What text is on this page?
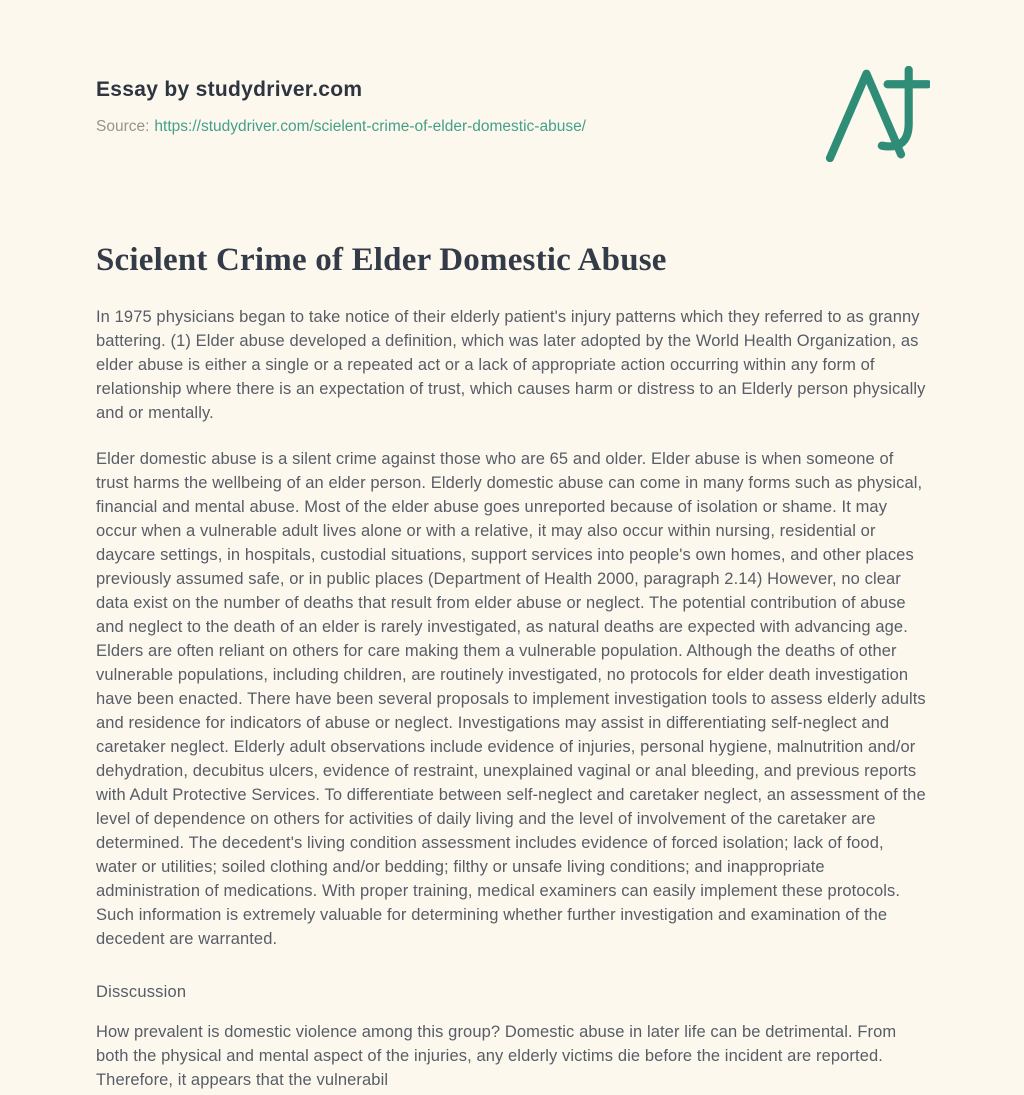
Essay by studydriver.com
Source: https://studydriver.com/scielent-crime-of-elder-domestic-abuse/
Scielent Crime of Elder Domestic Abuse

In 1975 physicians began to take notice of their elderly patient's injury patterns which they referred to as granny battering. (1) Elder abuse developed a definition, which was later adopted by the World Health Organization, as elder abuse is either a single or a repeated act or a lack of appropriate action occurring within any form of relationship where there is an expectation of trust, which causes harm or distress to an Elderly person physically and or mentally.

Elder domestic abuse is a silent crime against those who are 65 and older. Elder abuse is when someone of trust harms the wellbeing of an elder person. Elderly domestic abuse can come in many forms such as physical, financial and mental abuse. Most of the elder abuse goes unreported because of isolation or shame. It may occur when a vulnerable adult lives alone or with a relative, it may also occur within nursing, residential or daycare settings, in hospitals, custodial situations, support services into people's own homes, and other places previously assumed safe, or in public places (Department of Health 2000, paragraph 2.14) However, no clear data exist on the number of deaths that result from elder abuse or neglect. The potential contribution of abuse and neglect to the death of an elder is rarely investigated, as natural deaths are expected with advancing age. Elders are often reliant on others for care making them a vulnerable population. Although the deaths of other vulnerable populations, including children, are routinely investigated, no protocols for elder death investigation have been enacted. There have been several proposals to implement investigation tools to assess elderly adults and residence for indicators of abuse or neglect. Investigations may assist in differentiating self-neglect and caretaker neglect. Elderly adult observations include evidence of injuries, personal hygiene, malnutrition and/or dehydration, decubitus ulcers, evidence of restraint, unexplained vaginal or anal bleeding, and previous reports with Adult Protective Services. To differentiate between self-neglect and caretaker neglect, an assessment of the level of dependence on others for activities of daily living and the level of involvement of the caretaker are determined. The decedent's living condition assessment includes evidence of forced isolation; lack of food, water or utilities; soiled clothing and/or bedding; filthy or unsafe living conditions; and inappropriate administration of medications. With proper training, medical examiners can easily implement these protocols. Such information is extremely valuable for determining whether further investigation and examination of the decedent are warranted.

Disscussion

How prevalent is domestic violence among this group? Domestic abuse in later life can be detrimental. From both the physical and mental aspect of the injuries, any elderly victims die before the incident are reported. Therefore, it appears that the vulnerabil
